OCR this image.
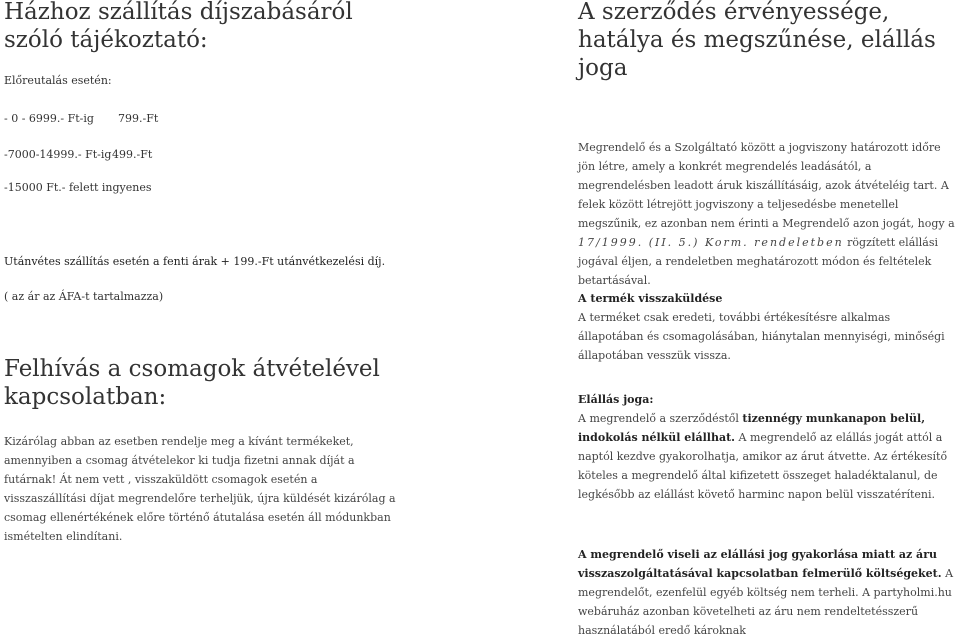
Házhoz szállítás díjszabásáról szóló tájékoztató:
Előreutalás esetén:
- 0 - 6999.- Ft-ig 799.-Ft
-7000-14999.- Ft-ig 499.-Ft
-15000 Ft.- felett ingyenes
Utánvétes szállítás esetén a fenti árak + 199.-Ft utánvétkezelési díj.
( az ár az ÁFA-t tartalmazza)
Felhívás a csomagok átvételével kapcsolatban:

Kizárólag abban az esetben rendelje meg a kívánt termékeket, amennyiben a csomag átvételekor ki tudja fizetni annak díját a futárnak! Át nem vett , visszaküldött csomagok esetén a visszaszállítási díjat megrendelőre terheljük, újra küldését kizárólag a csomag ellenértékének előre történő átutalása esetén áll módunkban ismételten elindítani.

A szerződés érvényessége, hatálya és megszűnése, elállás joga

Megrendelő és a Szolgáltató között a jogviszony határozott időre jön létre, amely a konkrét megrendelés leadásától, a megrendelésben leadott áruk kiszállításáig, azok átvételéig tart. A felek között létrejött jogviszony a teljesedésbe menetellel megszűnik, ez azonban nem érinti a Megrendelő azon jogát, hogy a 17/1999. (II. 5.) Korm. rendeletben rögzített elállási jogával éljen, a rendeletben meghatározott módon és feltételek betartásával.

A termék visszaküldése
A terméket csak eredeti, további értékesítésre alkalmas állapotában és csomagolásában, hiánytalan mennyiségi, minőségi állapotában vesszük vissza.

Elállás joga:
A megrendelő a szerződéstől tizennégy munkanapon belül, indokolás nélkül elállhat. A megrendelő az elállás jogát attól a naptól kezdve gyakorolhatja, amikor az árut átvette. Az értékesítő köteles a megrendelő által kifizetett összeget haladéktalanul, de legkésőbb az elállást követő harminc napon belül visszatéríteni.

A megrendelő viseli az elállási jog gyakorlása miatt az áru visszaszolgáltatásával kapcsolatban felmerülő költségeket. A megrendelőt, ezenfelül egyéb költség nem terheli. A partyholmi.hu webáruház azonban követelheti az áru nem rendeltetésszerű használatából eredő károknak
